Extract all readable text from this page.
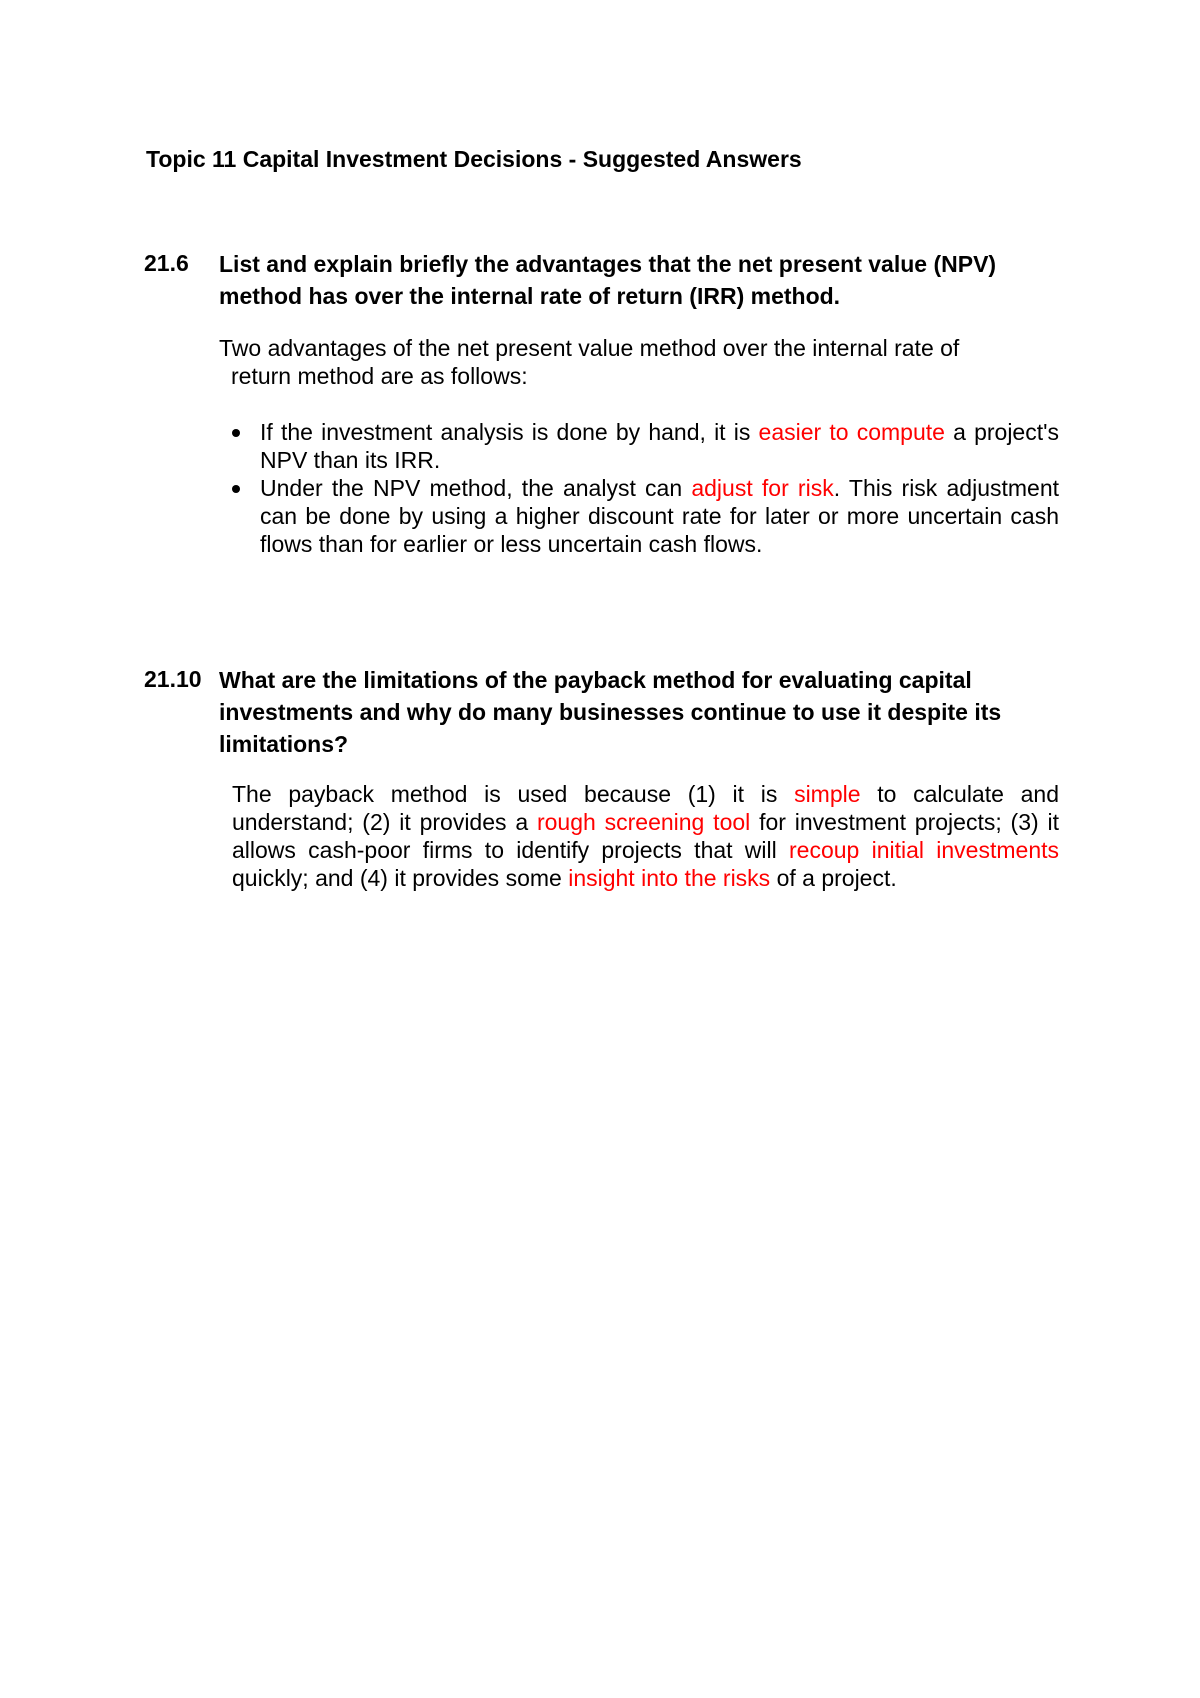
Topic 11 Capital Investment Decisions - Suggested Answers
21.6 List and explain briefly the advantages that the net present value (NPV) method has over the internal rate of return (IRR) method.
Two advantages of the net present value method over the internal rate of
return method are as follows:
If the investment analysis is done by hand, it is easier to compute a project's NPV than its IRR.
Under the NPV method, the analyst can adjust for risk. This risk adjustment can be done by using a higher discount rate for later or more uncertain cash flows than for earlier or less uncertain cash flows.
21.10 What are the limitations of the payback method for evaluating capital investments and why do many businesses continue to use it despite its limitations?
The payback method is used because (1) it is simple to calculate and understand; (2) it provides a rough screening tool for investment projects; (3) it allows cash-poor firms to identify projects that will recoup initial investments quickly; and (4) it provides some insight into the risks of a project.
